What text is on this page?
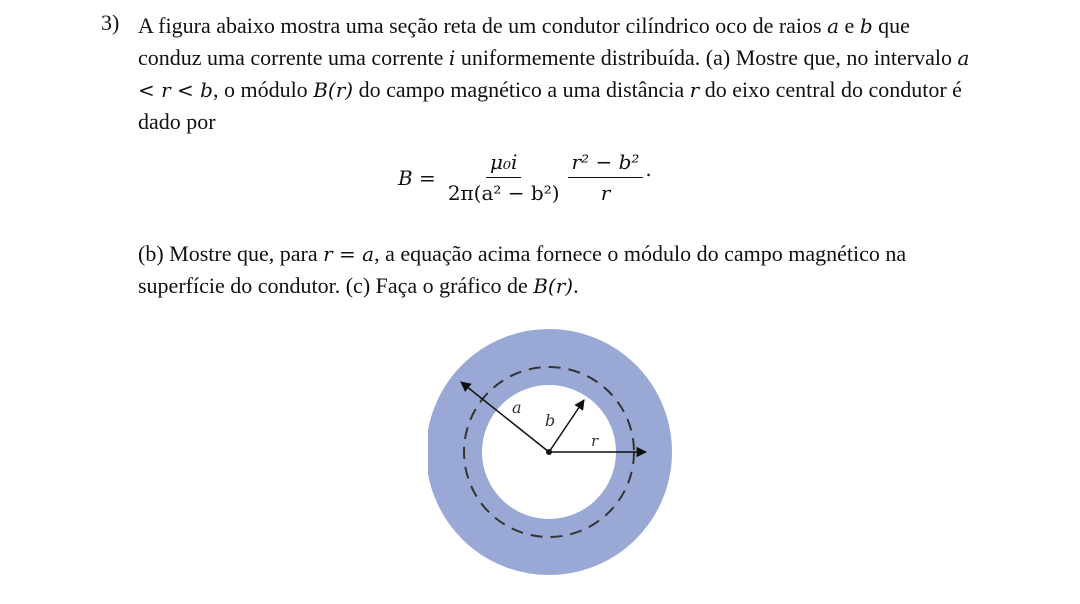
3) A figura abaixo mostra uma seção reta de um condutor cilíndrico oco de raios a e b que conduz uma corrente uma corrente i uniformemente distribuída. (a) Mostre que, no intervalo a < r < b, o módulo B(r) do campo magnético a uma distância r do eixo central do condutor é dado por

$B = \frac{\text{μ₀i}}{\text{2π(a² − b²)}} \frac{\text{r² − b²}}{r}$ .

(b) Mostre que, para r = a, a equação acima fornece o módulo do campo magnético na superfície do condutor. (c) Faça o gráfico de B(r).

a
b
r
